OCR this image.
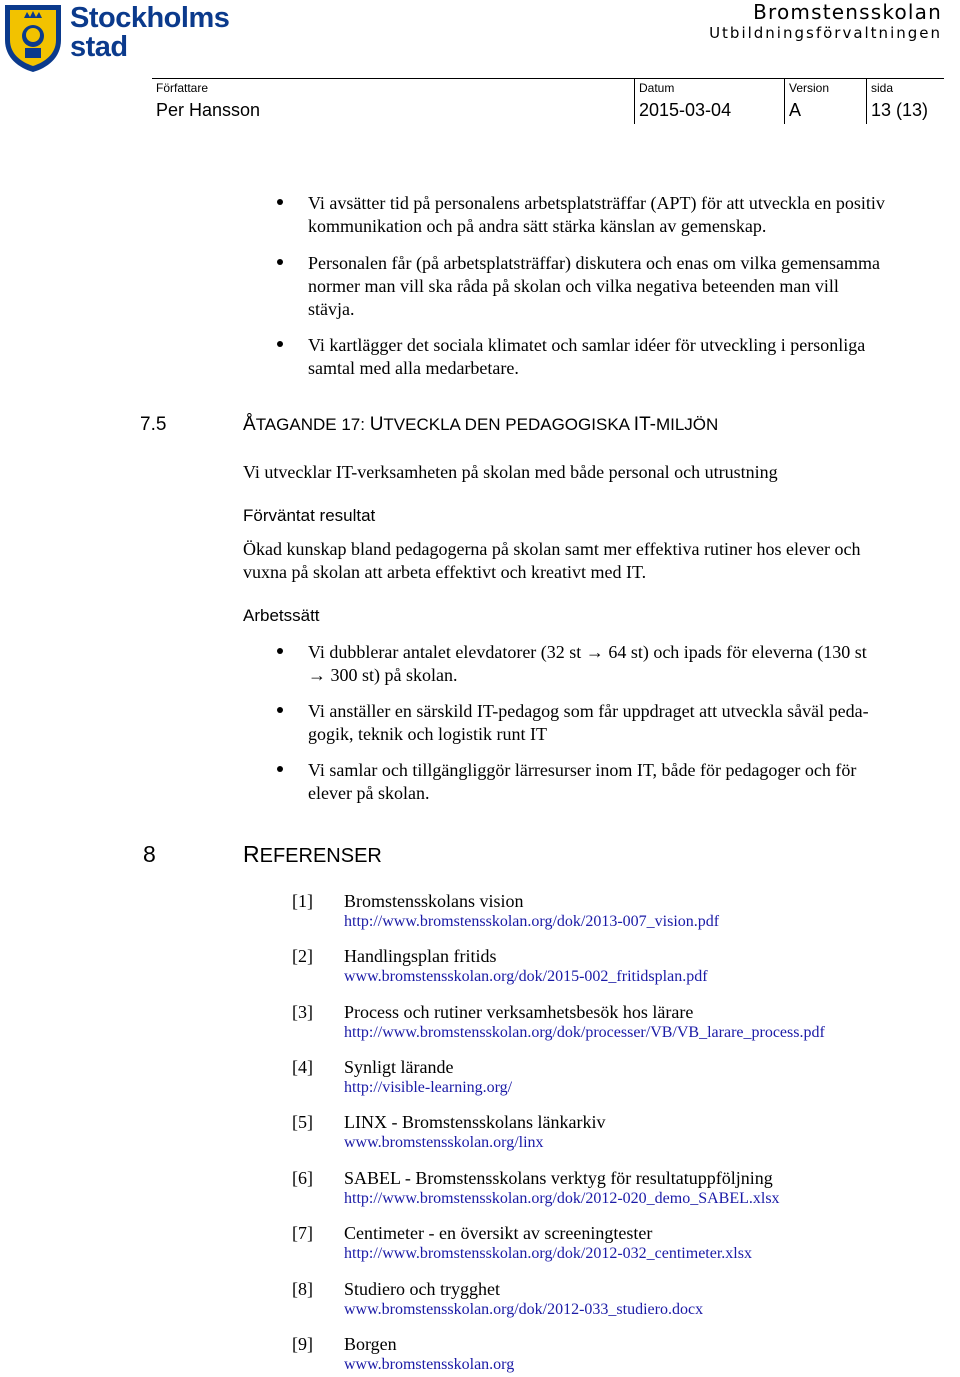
Stockholms
stad
Bromstensskolan
Utbildningsförvaltningen
Författare
Per Hansson
Datum
2015-03-04
Version
A
sida
13 (13)
Vi avsätter tid på personalens arbetsplatsträffar (APT) för att utveckla en positiv
kommunikation och på andra sätt stärka känslan av gemenskap.
Personalen får (på arbetsplatsträffar) diskutera och enas om vilka gemensamma
normer man vill ska råda på skolan och vilka negativa beteenden man vill
stävja.
Vi kartlägger det sociala klimatet och samlar idéer för utveckling i personliga
samtal med alla medarbetare.
7.5	ÅTAGANDE 17: UTVECKLA DEN PEDAGOGISKA IT-MILJÖN
Vi utvecklar IT-verksamheten på skolan med både personal och utrustning
Förväntat resultat
Ökad kunskap bland pedagogerna på skolan samt mer effektiva rutiner hos elever och
vuxna på skolan att arbeta effektivt och kreativt med IT.
Arbetssätt
Vi dubblerar antalet elevdatorer (32 st → 64 st) och ipads för eleverna (130 st
→ 300 st) på skolan.
Vi anställer en särskild IT-pedagog som får uppdraget att utveckla såväl peda-
gogik, teknik och logistik runt IT
Vi samlar och tillgängliggör lärresurser inom IT, både för pedagoger och för
elever på skolan.
8	REFERENSER
[1] Bromstensskolans vision
http://www.bromstensskolan.org/dok/2013-007_vision.pdf
[2] Handlingsplan fritids
www.bromstensskolan.org/dok/2015-002_fritidsplan.pdf
[3] Process och rutiner verksamhetsbesök hos lärare
http://www.bromstensskolan.org/dok/processer/VB/VB_larare_process.pdf
[4] Synligt lärande
http://visible-learning.org/
[5] LINX - Bromstensskolans länkarkiv
www.bromstensskolan.org/linx
[6] SABEL - Bromstensskolans verktyg för resultatuppföljning
http://www.bromstensskolan.org/dok/2012-020_demo_SABEL.xlsx
[7] Centimeter - en översikt av screeningtester
http://www.bromstensskolan.org/dok/2012-032_centimeter.xlsx
[8] Studiero och trygghet
www.bromstensskolan.org/dok/2012-033_studiero.docx
[9] Borgen
www.bromstensskolan.org
